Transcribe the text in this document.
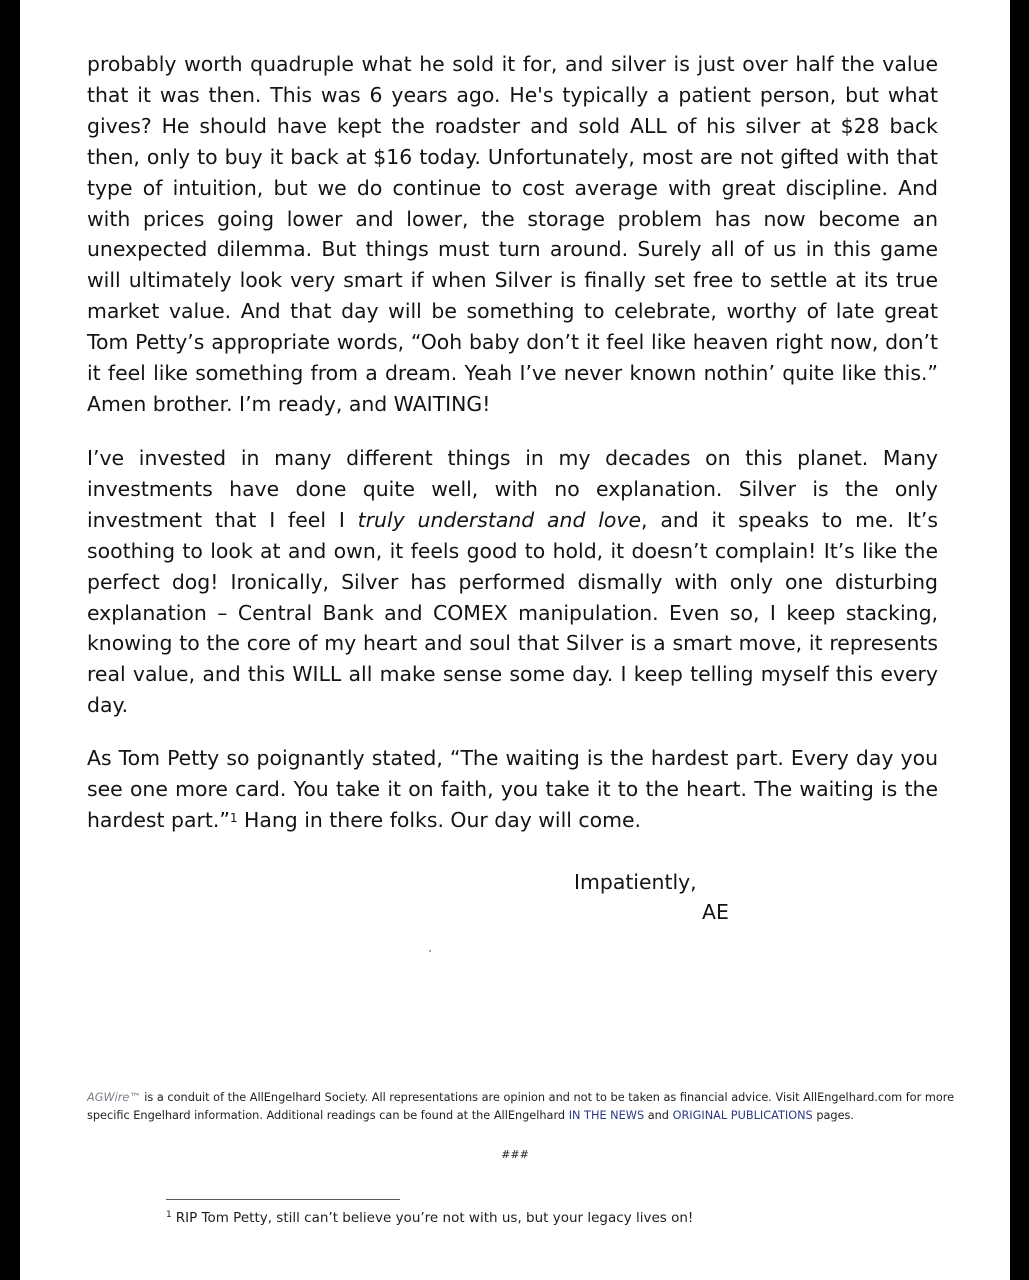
probably worth quadruple what he sold it for, and silver is just over half the value that it was then. This was 6 years ago. He's typically a patient person, but what gives? He should have kept the roadster and sold ALL of his silver at $28 back then, only to buy it back at $16 today. Unfortunately, most are not gifted with that type of intuition, but we do continue to cost average with great discipline. And with prices going lower and lower, the storage problem has now become an unexpected dilemma. But things must turn around. Surely all of us in this game will ultimately look very smart if when Silver is finally set free to settle at its true market value. And that day will be something to celebrate, worthy of late great Tom Petty’s appropriate words, “Ooh baby don’t it feel like heaven right now, don’t it feel like something from a dream. Yeah I’ve never known nothin’ quite like this.” Amen brother. I’m ready, and WAITING!

I’ve invested in many different things in my decades on this planet. Many investments have done quite well, with no explanation. Silver is the only investment that I feel I truly understand and love, and it speaks to me. It’s soothing to look at and own, it feels good to hold, it doesn’t complain! It’s like the perfect dog! Ironically, Silver has performed dismally with only one disturbing explanation – Central Bank and COMEX manipulation. Even so, I keep stacking, knowing to the core of my heart and soul that Silver is a smart move, it represents real value, and this WILL all make sense some day. I keep telling myself this every day.

As Tom Petty so poignantly stated, “The waiting is the hardest part. Every day you see one more card. You take it on faith, you take it to the heart. The waiting is the hardest part.”$^1$ Hang in there folks. Our day will come.

Impatiently,

AE

AGWire™ is a conduit of the AllEngelhard Society. All representations are opinion and not to be taken as financial advice. Visit AllEngelhard.com for more specific Engelhard information. Additional readings can be found at the AllEngelhard IN THE NEWS and ORIGINAL PUBLICATIONS pages.

###

$^1$ RIP Tom Petty, still can’t believe you’re not with us, but your legacy lives on!
